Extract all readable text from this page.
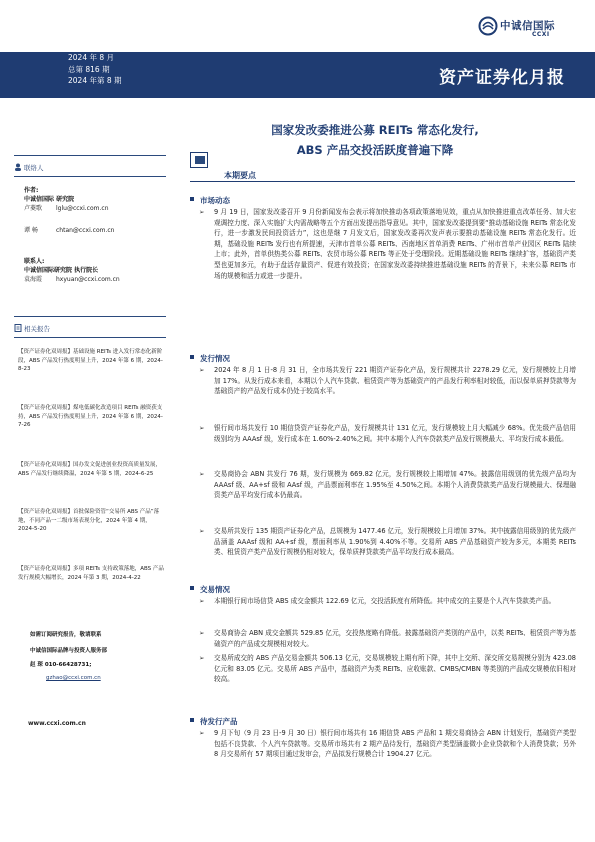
中诚信国际
CCXI
2024 年 8 月
总第 816 期
2024 年第 8 期	资产证券化月报
联络人
作者:
中诚信国际 研究院
卢菱歌	lglu@ccxi.com.cn
谭 畅	chtan@ccxi.com.cn
联系人:
中诚信国际研究院 执行院长
袁海霞	hxyuan@ccxi.com.cn
相关报告
【资产证券化双周报】基础设施 REITs 进入发行常态化新阶段，ABS 产品发行热度明显上升，2024 年第 6 期，2024-8-23
【资产证券化双周报】煤电低碳化改造项目 REITs 融资获支持，ABS 产品发行热度明显上升，2024 年第 6 期，2024-7-26
【资产证券化双周报】国办发文促进创业投资高质量发展，ABS 产品发行继续降温，2024 年第 5 期，2024-6-25
【资产证券化双周报】首批保险资管“交易所 ABS 产品”落地，不同产品一二级市场表现分化，2024 年第 4 期，2024-5-20
【资产证券化双周报】多项 REITs 支持政策落地，ABS 产品发行规模大幅增长，2024 年第 3 期，2024-4-22
如需订阅研究报告，敬请联系
中诚信国际品牌与投资人服务部
赵 琛 010-66428731;
gzhao@ccxi.com.cn
www.ccxi.com.cn
国家发改委推进公募 REITs 常态化发行,
ABS 产品交投活跃度普遍下降
本期要点
市场动态
➢ 9 月 19 日，国家发改委召开 9 月份新闻发布会表示将加快推动各项政策落地见效，重点从加快推进重点改革任务、加大宏观调控力度、深入实施扩大内需战略等五个方面出发提出指导意见。其中，国家发改委提到要“推动基础设施 REITs 常态化发行，进一步激发民间投资活力”，这也是继 7 月发文后，国家发改委再次发声表示要推动基础设施 REITs 常态化发行。近期，基础设施 REITs 发行也有所提速，天津市首单公募 REITs、西南地区首单消费 REITs、广州市首单产业园区 REITs 陆续上市；此外，首单供热类公募 REITs、农贸市场公募 REITs 等正处于受理阶段。近期基础设施 REITs 继续扩容，基础资产类型也更加多元，有助于盘活存量资产、促进有效投资；在国家发改委持续推进基础设施 REITs 的背景下，未来公募 REITs 市场的规模和活力或进一步提升。
发行情况
➢ 2024 年 8 月 1 日-8 月 31 日，全市场共发行 221 期资产证券化产品，发行规模共计 2278.29 亿元，发行规模较上月增加 17%。从发行成本来看，本期以个人汽车贷款、租赁资产等为基础资产的产品发行利率相对较低，而以保单质押贷款等为基础资产的产品发行成本仍处于较高水平。
➢ 银行间市场共发行 10 期信贷资产证券化产品，发行规模共计 131 亿元，发行规模较上月大幅减少 68%。优先级产品信用级别均为 AAAsf 级，发行成本在 1.60%-2.40%之间。其中本期个人汽车贷款类产品发行规模最大、平均发行成本最低。
➢ 交易商协会 ABN 共发行 76 期，发行规模为 669.82 亿元，发行规模较上期增加 47%。披露信用级别的优先级产品均为 AAAsf 级、AA+sf 级和 AAsf 级，产品票面利率在 1.95%至 4.50%之间。本期个人消费贷款类产品发行规模最大、保理融资类产品平均发行成本仍最高。
➢ 交易所共发行 135 期资产证券化产品，总规模为 1477.46 亿元，发行规模较上月增加 37%。其中披露信用级别的优先级产品涵盖 AAAsf 级和 AA+sf 级，票面利率从 1.90%到 4.40%不等。交易所 ABS 产品基础资产较为多元，本期类 REITs 类、租赁资产类产品发行规模仍相对较大，保单质押贷款类产品平均发行成本最高。
交易情况
➢ 本期银行间市场信贷 ABS 成交金额共 122.69 亿元，交投活跃度有所降低。其中成交的主要是个人汽车贷款类产品。
➢ 交易商协会 ABN 成交金额共 529.85 亿元，交投热度略有降低。披露基础资产类别的产品中，以类 REITs、租赁资产等为基础资产的产品成交规模相对较大。
➢ 交易所成交的 ABS 产品交易金额共 506.13 亿元，交易规模较上期有所下降，其中上交所、深交所交易规模分别为 423.08 亿元和 83.05 亿元。交易所 ABS 产品中，基础资产为类 REITs、应收账款、CMBS/CMBN 等类别的产品成交规模依旧相对较高。
待发行产品
➢ 9 月下旬（9 月 23 日-9 月 30 日）银行间市场共有 16 期信贷 ABS 产品和 1 期交易商协会 ABN 计划发行，基础资产类型包括不良贷款、个人汽车贷款等。交易所市场共有 2 期产品待发行，基础资产类型涵盖微小企业贷款和个人消费贷款；另外 8 月交易所有 57 期项目通过发审会，产品拟发行规模合计 1904.27 亿元。
